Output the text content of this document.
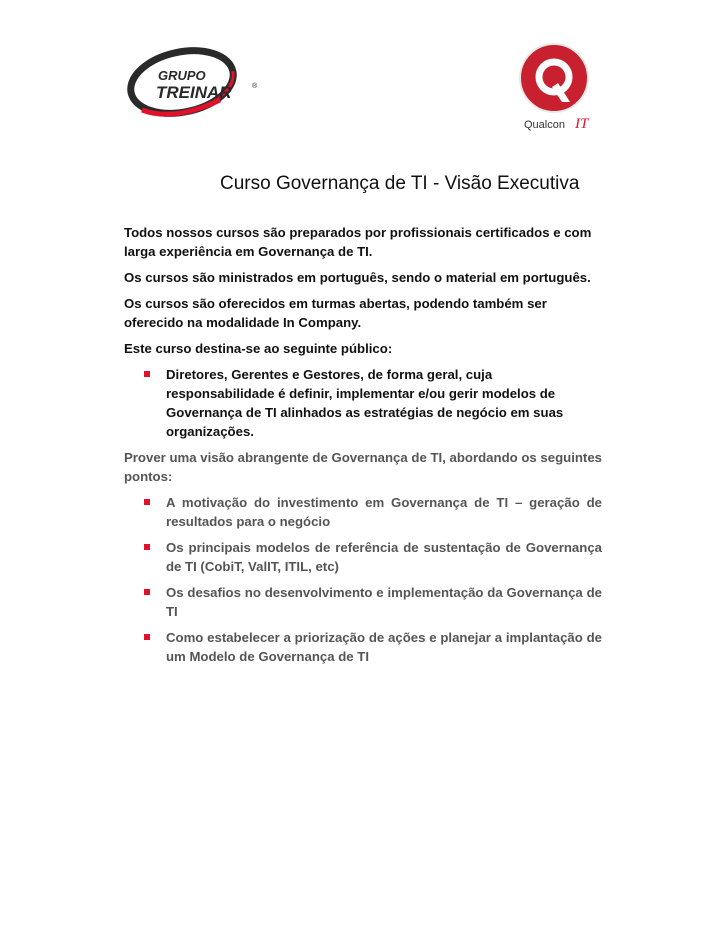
GRUPO
TREINAR	®
Qualcon IT
Curso Governança de TI - Visão Executiva

Todos nossos cursos são preparados por profissionais certificados e com larga experiência em Governança de TI.

Os cursos são ministrados em português, sendo o material em português.

Os cursos são oferecidos em turmas abertas, podendo também ser oferecido na modalidade In Company.

Este curso destina-se ao seguinte público:

Diretores, Gerentes e Gestores, de forma geral, cuja responsabilidade é definir, implementar e/ou gerir modelos de Governança de TI alinhados as estratégias de negócio em suas organizações.

Prover uma visão abrangente de Governança de TI, abordando os seguintes pontos:

A motivação do investimento em Governança de TI – geração de resultados para o negócio
Os principais modelos de referência de sustentação de Governança de TI (CobiT, ValIT, ITIL, etc)
Os desafios no desenvolvimento e implementação da Governança de TI
Como estabelecer a priorização de ações e planejar a implantação de um Modelo de Governança de TI
